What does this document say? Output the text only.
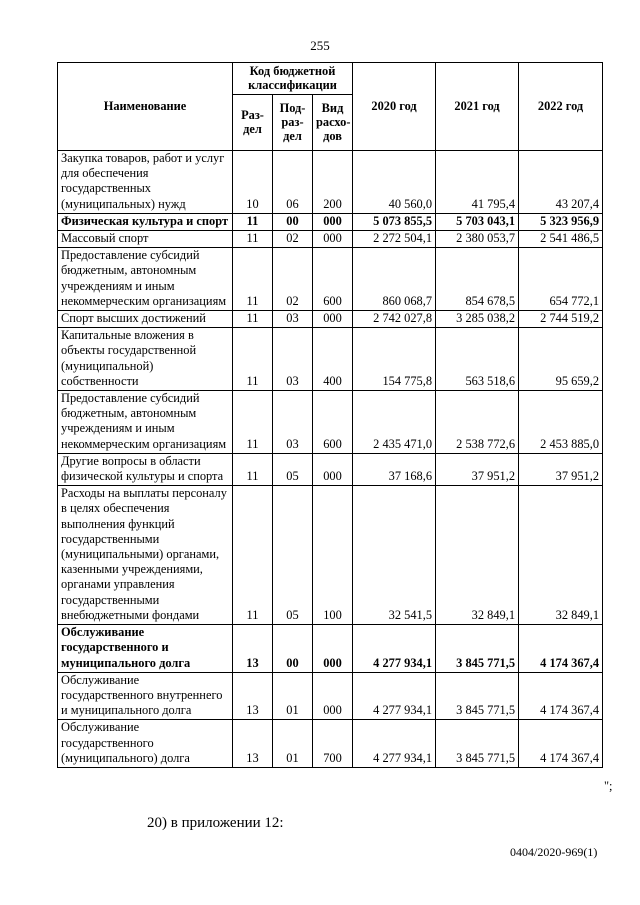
255
Наименование	Код бюджетной классификации			2020 год	2021 год	2022 год
	Раз-дел	Под-раз-дел	Вид расхо-дов			
Закупка товаров, работ и услуг для обеспечения государственных (муниципальных) нужд	10	06	200	40 560,0	41 795,4	43 207,4
Физическая культура и спорт	11	00	000	5 073 855,5	5 703 043,1	5 323 956,9
Массовый спорт	11	02	000	2 272 504,1	2 380 053,7	2 541 486,5
Предоставление субсидий бюджетным, автономным учреждениям и иным некоммерческим организациям	11	02	600	860 068,7	854 678,5	654 772,1
Спорт высших достижений	11	03	000	2 742 027,8	3 285 038,2	2 744 519,2
Капитальные вложения в объекты государственной (муниципальной) собственности	11	03	400	154 775,8	563 518,6	95 659,2
Предоставление субсидий бюджетным, автономным учреждениям и иным некоммерческим организациям	11	03	600	2 435 471,0	2 538 772,6	2 453 885,0
Другие вопросы в области физической культуры и спорта	11	05	000	37 168,6	37 951,2	37 951,2
Расходы на выплаты персоналу в целях обеспечения выполнения функций государственными (муниципальными) органами, казенными учреждениями, органами управления государственными внебюджетными фондами	11	05	100	32 541,5	32 849,1	32 849,1
Обслуживание государственного и муниципального долга	13	00	000	4 277 934,1	3 845 771,5	4 174 367,4
Обслуживание государственного внутреннего и муниципального долга	13	01	000	4 277 934,1	3 845 771,5	4 174 367,4
Обслуживание государственного (муниципального) долга	13	01	700	4 277 934,1	3 845 771,5	4 174 367,4
";
20) в приложении 12:
0404/2020-969(1)
